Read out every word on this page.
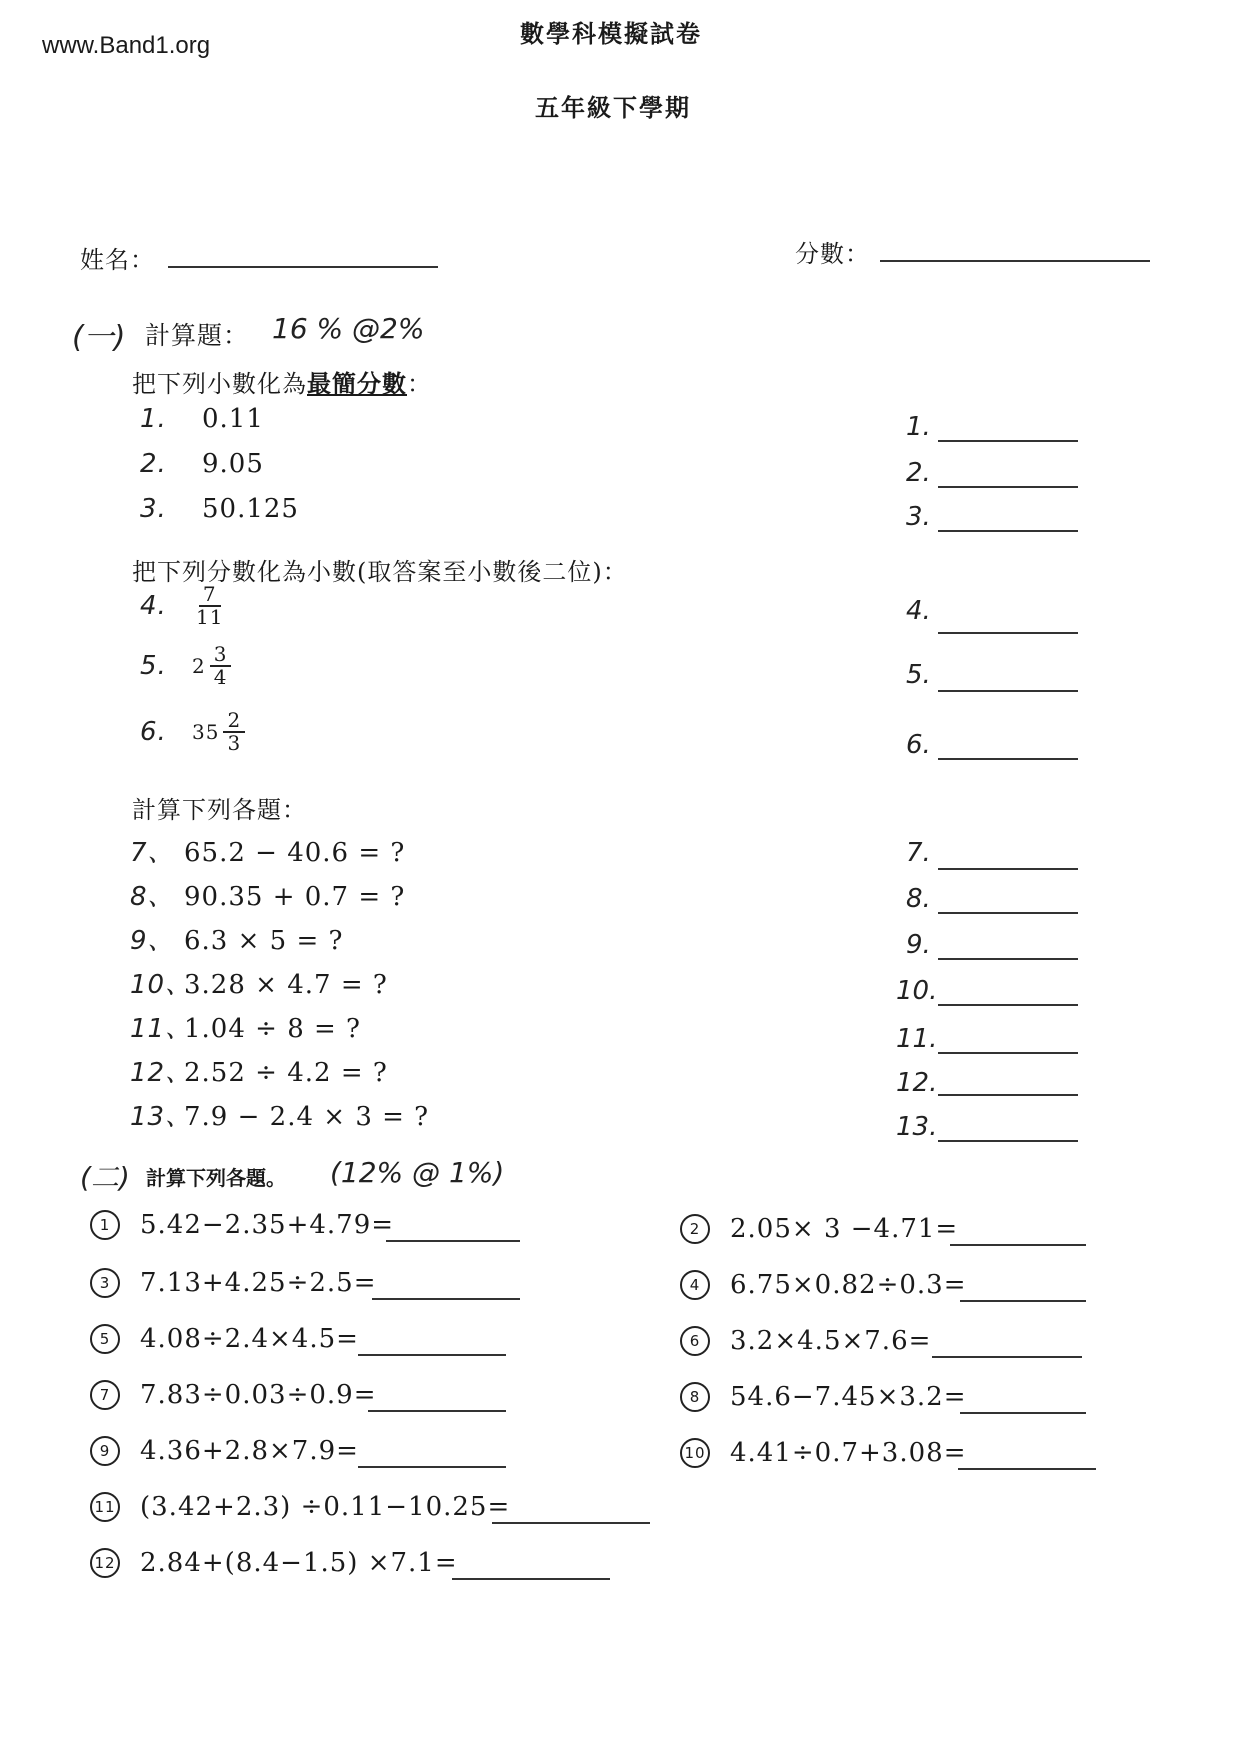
www.Band1.org	數學科模擬試卷
五年級下學期
姓名：	分數：
(一) 計算題： 16 % @2%
把下列小數化為最簡分數：
1. 0.11
2. 9.05
3. 50.125
把下列分數化為小數(取答案至小數後二位)：
4.	$\frac{7}{11}$
5.	$2 \frac{3}{4}$
6.	$35 \frac{2}{3}$
計算下列各題：
7、 65.2 − 40.6 = ?
8、 90.35 + 0.7 = ?
9、 6.3 × 5 = ?
10、3.28 × 4.7 = ?
11、1.04 ÷ 8 = ?
12、2.52 ÷ 4.2 = ?
13、7.9 − 2.4 × 3 = ?
1.
2.
3.
4.
5.
6.
7.
8.
9.
10.
11.
12.
13.
(二) 計算下列各題。 (12% @ 1%)
1	5.42−2.35+4.79=
3	7.13+4.25÷2.5=
5	4.08÷2.4×4.5=
7	7.83÷0.03÷0.9=
9	4.36+2.8×7.9=
11 (3.42+2.3) ÷0.11−10.25=
12 2.84+(8.4−1.5) ×7.1=
2	2.05× 3 −4.71=
4	6.75×0.82÷0.3=
6	3.2×4.5×7.6=
8	54.6−7.45×3.2=
10 4.41÷0.7+3.08=
